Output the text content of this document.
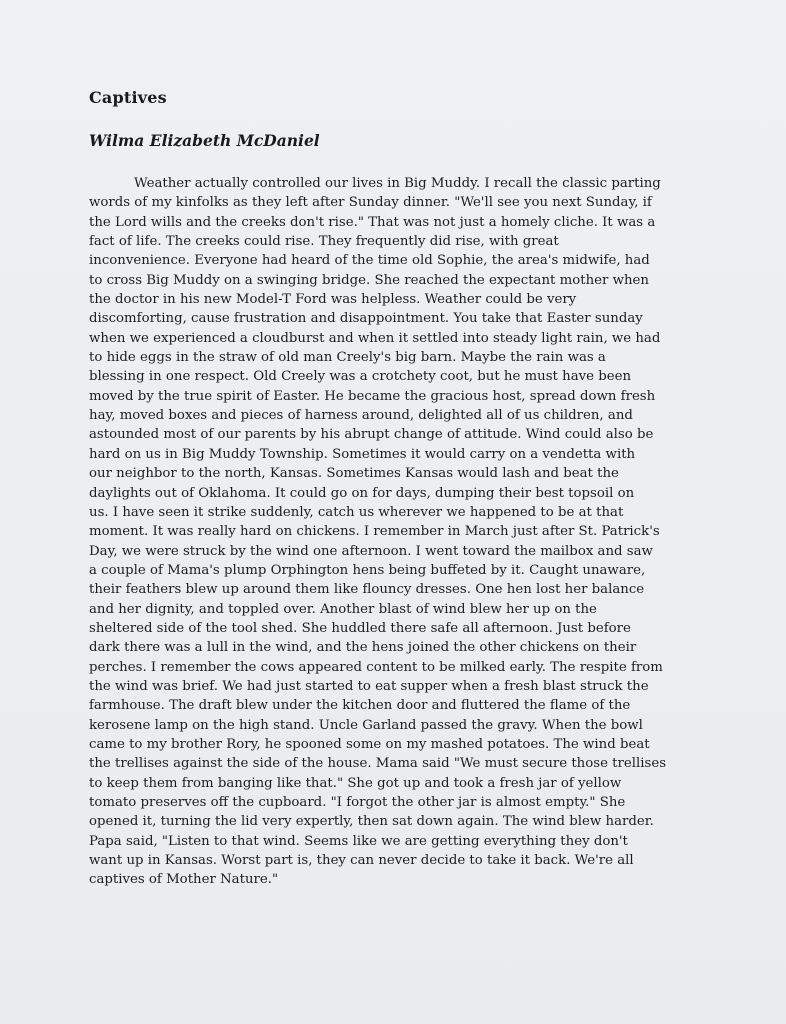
Captives
Wilma Elizabeth McDaniel
Weather actually controlled our lives in Big Muddy. I recall the classic parting
words of my kinfolks as they left after Sunday dinner. "We'll see you next Sunday, if
the Lord wills and the creeks don't rise." That was not just a homely cliche. It was a
fact of life. The creeks could rise. They frequently did rise, with great
inconvenience. Everyone had heard of the time old Sophie, the area's midwife, had
to cross Big Muddy on a swinging bridge. She reached the expectant mother when
the doctor in his new Model-T Ford was helpless. Weather could be very
discomforting, cause frustration and disappointment. You take that Easter sunday
when we experienced a cloudburst and when it settled into steady light rain, we had
to hide eggs in the straw of old man Creely's big barn. Maybe the rain was a
blessing in one respect. Old Creely was a crotchety coot, but he must have been
moved by the true spirit of Easter. He became the gracious host, spread down fresh
hay, moved boxes and pieces of harness around, delighted all of us children, and
astounded most of our parents by his abrupt change of attitude. Wind could also be
hard on us in Big Muddy Township. Sometimes it would carry on a vendetta with
our neighbor to the north, Kansas. Sometimes Kansas would lash and beat the
daylights out of Oklahoma. It could go on for days, dumping their best topsoil on
us. I have seen it strike suddenly, catch us wherever we happened to be at that
moment. It was really hard on chickens. I remember in March just after St. Patrick's
Day, we were struck by the wind one afternoon. I went toward the mailbox and saw
a couple of Mama's plump Orphington hens being buffeted by it. Caught unaware,
their feathers blew up around them like flouncy dresses. One hen lost her balance
and her dignity, and toppled over. Another blast of wind blew her up on the
sheltered side of the tool shed. She huddled there safe all afternoon. Just before
dark there was a lull in the wind, and the hens joined the other chickens on their
perches. I remember the cows appeared content to be milked early. The respite from
the wind was brief. We had just started to eat supper when a fresh blast struck the
farmhouse. The draft blew under the kitchen door and fluttered the flame of the
kerosene lamp on the high stand. Uncle Garland passed the gravy. When the bowl
came to my brother Rory, he spooned some on my mashed potatoes. The wind beat
the trellises against the side of the house. Mama said "We must secure those trellises
to keep them from banging like that." She got up and took a fresh jar of yellow
tomato preserves off the cupboard. "I forgot the other jar is almost empty." She
opened it, turning the lid very expertly, then sat down again. The wind blew harder.
Papa said, "Listen to that wind. Seems like we are getting everything they don't
want up in Kansas. Worst part is, they can never decide to take it back. We're all
captives of Mother Nature."
